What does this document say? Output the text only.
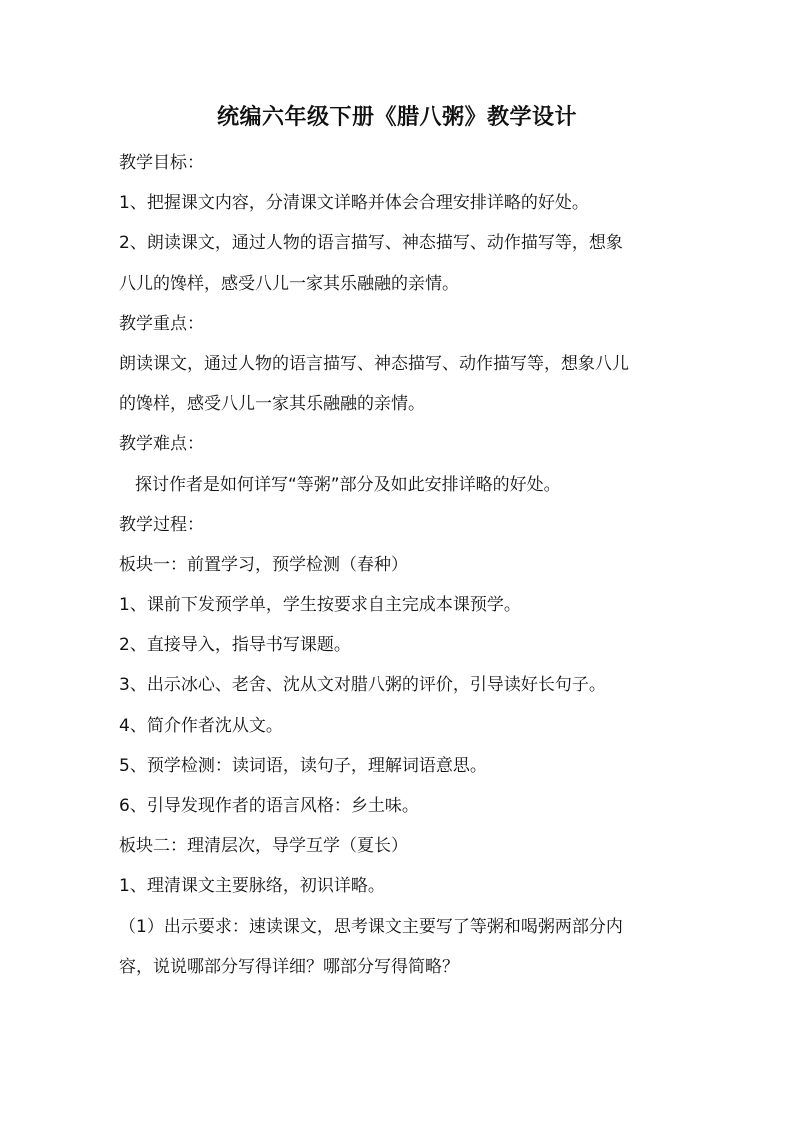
统编六年级下册《腊八粥》教学设计
教学目标：
1、把握课文内容，分清课文详略并体会合理安排详略的好处。
2、朗读课文，通过人物的语言描写、神态描写、动作描写等，想象
八儿的馋样，感受八儿一家其乐融融的亲情。
教学重点：
朗读课文，通过人物的语言描写、神态描写、动作描写等，想象八儿
的馋样，感受八儿一家其乐融融的亲情。
教学难点：
探讨作者是如何详写“等粥”部分及如此安排详略的好处。
教学过程：
板块一：前置学习，预学检测（春种）
1、课前下发预学单，学生按要求自主完成本课预学。
2、直接导入，指导书写课题。
3、出示冰心、老舍、沈从文对腊八粥的评价，引导读好长句子。
4、简介作者沈从文。
5、预学检测：读词语，读句子，理解词语意思。
6、引导发现作者的语言风格：乡土味。
板块二：理清层次，导学互学（夏长）
1、理清课文主要脉络，初识详略。
（1）出示要求：速读课文，思考课文主要写了等粥和喝粥两部分内
容，说说哪部分写得详细？哪部分写得简略？
